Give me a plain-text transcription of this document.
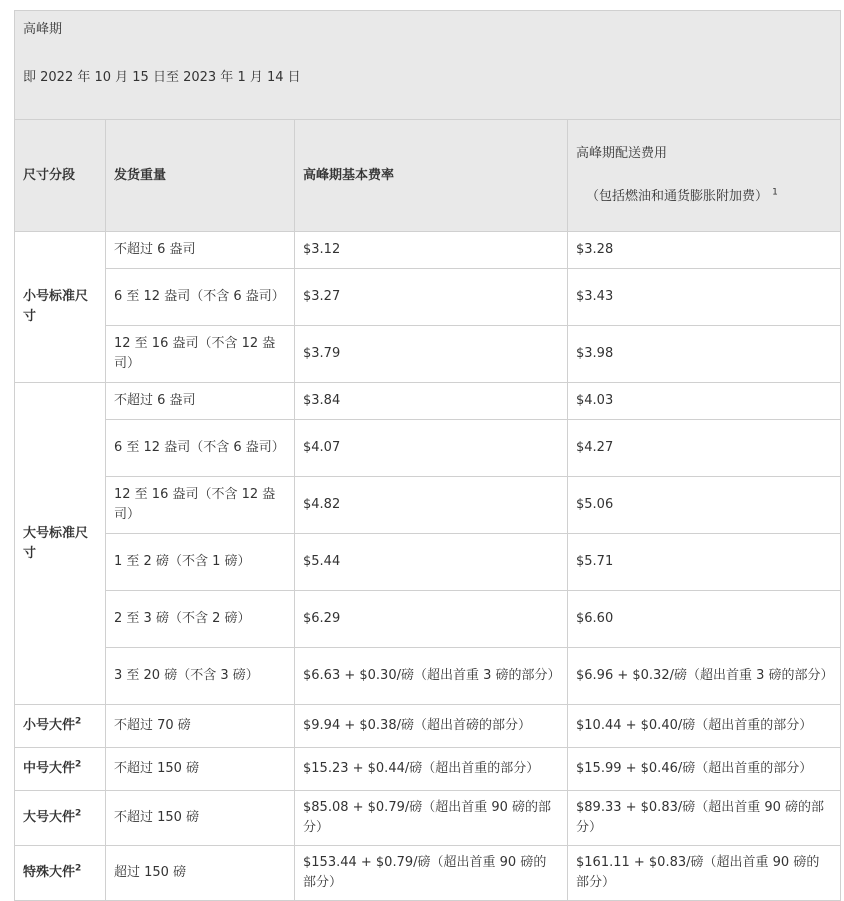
高峰期
即 2022 年 10 月 15 日至 2023 年 1 月 14 日			

尺寸分段	发货重量	高峰期基本费率	高峰期配送费用
（包括燃油和通货膨胀附加费） $^1$

小号标准尺寸	不超过 6 盎司	$3.12	$3.28
	6 至 12 盎司（不含 6 盎司）	$3.27	$3.43
	12 至 16 盎司（不含 12 盎司）	$3.79	$3.98
大号标准尺寸	不超过 6 盎司	$3.84	$4.03
	6 至 12 盎司（不含 6 盎司）	$4.07	$4.27
	12 至 16 盎司（不含 12 盎司）	$4.82	$5.06
	1 至 2 磅（不含 1 磅）	$5.44	$5.71
	2 至 3 磅（不含 2 磅）	$6.29	$6.60
	3 至 20 磅（不含 3 磅）	$6.63 + $0.30/磅（超出首重 3 磅的部分）	$6.96 + $0.32/磅（超出首重 3 磅的部分）
小号大件$^2$	不超过 70 磅	$9.94 + $0.38/磅（超出首磅的部分）	$10.44 + $0.40/磅（超出首重的部分）
中号大件$^2$	不超过 150 磅	$15.23 + $0.44/磅（超出首重的部分）	$15.99 + $0.46/磅（超出首重的部分）
大号大件$^2$	不超过 150 磅	$85.08 + $0.79/磅（超出首重 90 磅的部分）	$89.33 + $0.83/磅（超出首重 90 磅的部分）
特殊大件$^2$	超过 150 磅	$153.44 + $0.79/磅（超出首重 90 磅的部分）	$161.11 + $0.83/磅（超出首重 90 磅的部分）
